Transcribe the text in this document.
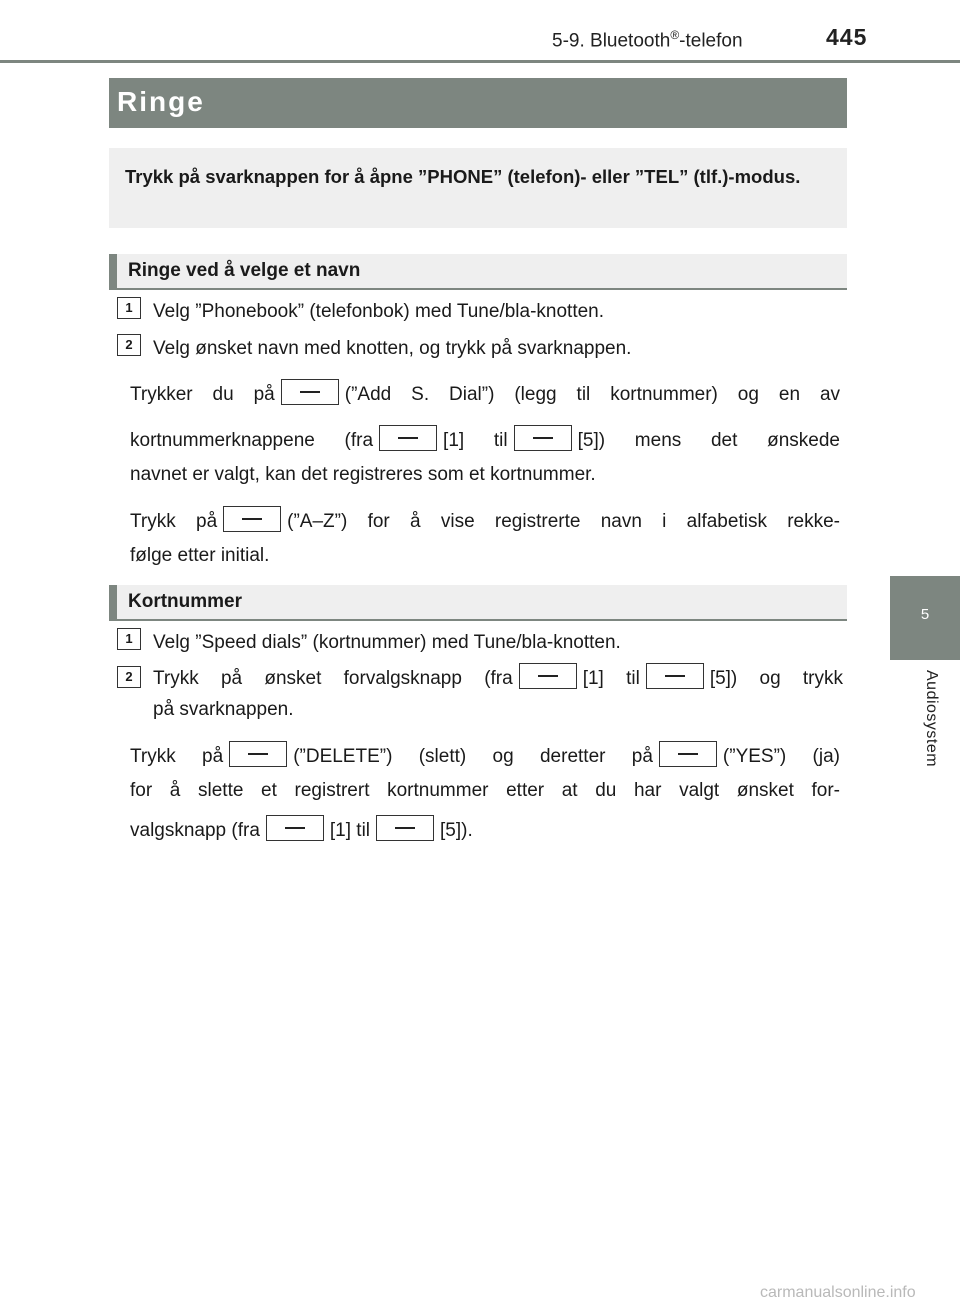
5-9. Bluetooth®-telefon	445
5
Audiosystem
Ringe
Trykk på svarknappen for å åpne ”PHONE” (telefon)- eller ”TEL” (tlf.)-modus.
Ringe ved å velge et navn
1	Velg ”Phonebook” (telefonbok) med Tune/bla-knotten.
2	Velg ønsket navn med knotten, og trykk på svarknappen.
Trykker du på	(”Add S. Dial”) (legg til kortnummer) og en av
kortnummerknappene (fra	[1] til	[5]) mens det ønskede
navnet er valgt, kan det registreres som et kortnummer.
Trykk på	(”A–Z”) for å vise registrerte navn i alfabetisk rekke-
følge etter initial.
Kortnummer
1	Velg ”Speed dials” (kortnummer) med Tune/bla-knotten.
2	Trykk på ønsket forvalgsknapp (fra	[1] til	[5]) og trykk
på svarknappen.
Trykk på	(”DELETE”) (slett) og deretter på	(”YES”) (ja)
for å slette et registrert kortnummer etter at du har valgt ønsket for-
valgsknapp (fra	[1] til	[5]).
carmanualsonline.info
